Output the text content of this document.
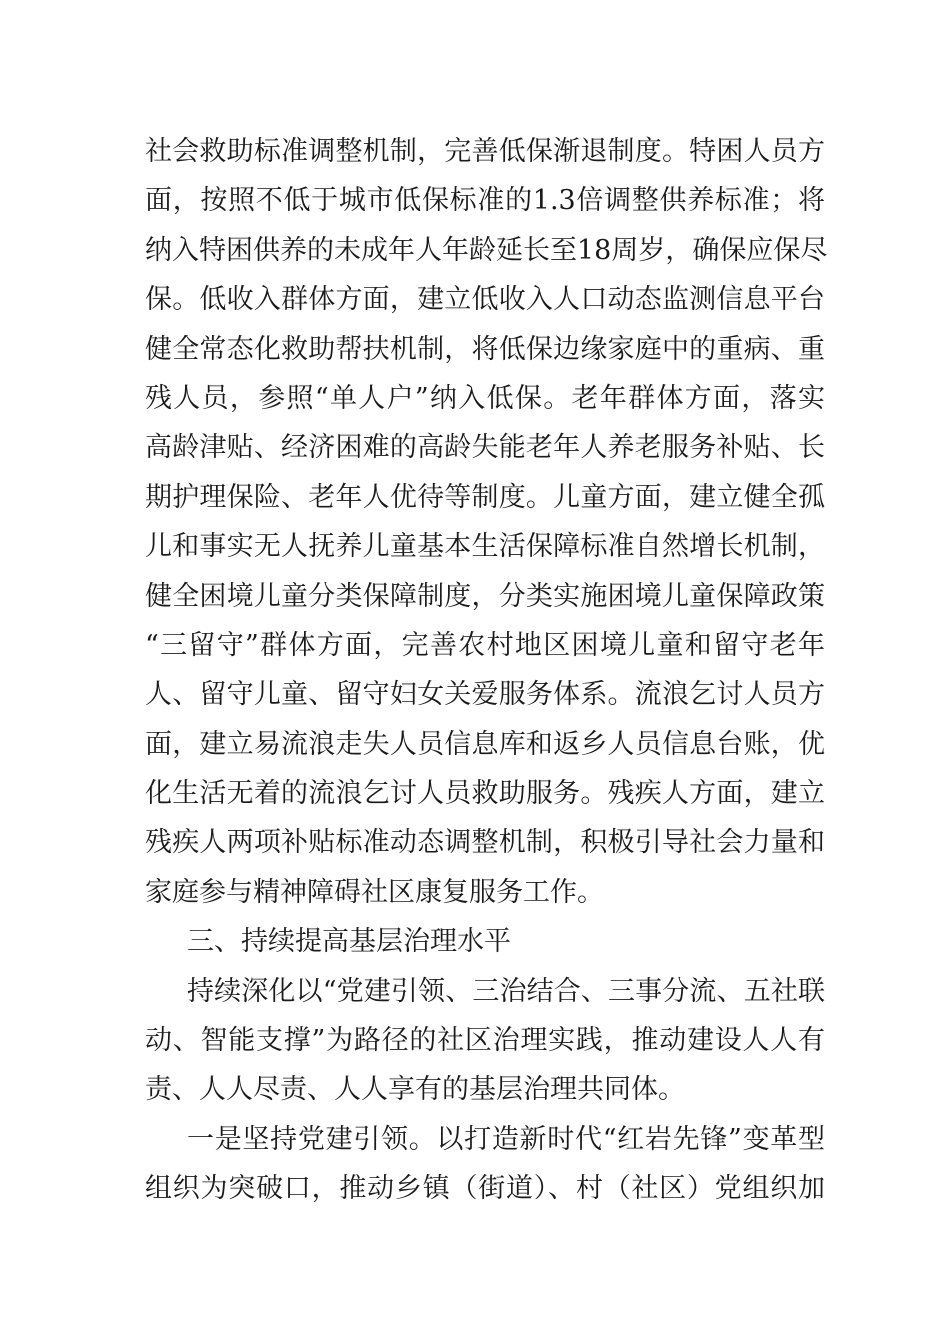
社会救助标准调整机制，完善低保渐退制度。特困人员方
面，按照不低于城市低保标准的1.3倍调整供养标准；将
纳入特困供养的未成年人年龄延长至18周岁，确保应保尽
保。低收入群体方面，建立低收入人口动态监测信息平台
健全常态化救助帮扶机制，将低保边缘家庭中的重病、重
残人员，参照“单人户”纳入低保。老年群体方面，落实
高龄津贴、经济困难的高龄失能老年人养老服务补贴、长
期护理保险、老年人优待等制度。儿童方面，建立健全孤
儿和事实无人抚养儿童基本生活保障标准自然增长机制，
健全困境儿童分类保障制度，分类实施困境儿童保障政策
“三留守”群体方面，完善农村地区困境儿童和留守老年
人、留守儿童、留守妇女关爱服务体系。流浪乞讨人员方
面，建立易流浪走失人员信息库和返乡人员信息台账，优
化生活无着的流浪乞讨人员救助服务。残疾人方面，建立
残疾人两项补贴标准动态调整机制，积极引导社会力量和
家庭参与精神障碍社区康复服务工作。
三、持续提高基层治理水平
持续深化以“党建引领、三治结合、三事分流、五社联
动、智能支撑”为路径的社区治理实践，推动建设人人有
责、人人尽责、人人享有的基层治理共同体。
一是坚持党建引领。以打造新时代“红岩先锋”变革型
组织为突破口，推动乡镇（街道）、村（社区）党组织加
